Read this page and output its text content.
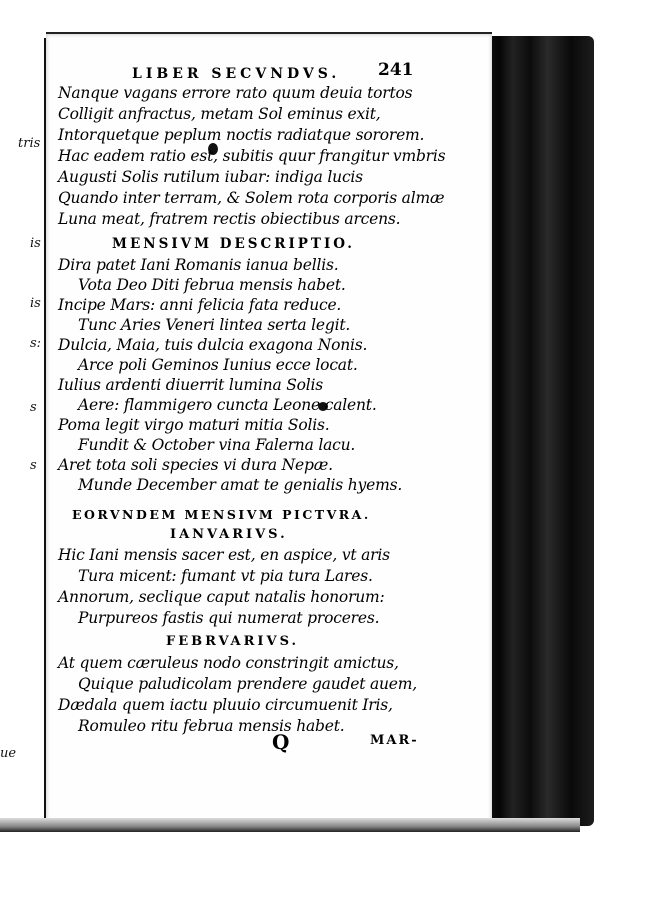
tris
is
is
s:
s
s
ue
LIBER SECVNDVS. 241
Nanque vagans errore rato quum deuia tortos
Colligit anfractus, metam Sol eminus exit,
Intorquetque peplum noctis radiatque sororem.
Hac eadem ratio est, subitis quur frangitur vmbris
Augusti Solis rutilum iubar: indiga lucis
Quando inter terram, & Solem rota corporis almæ
Luna meat, fratrem rectis obiectibus arcens.
MENSIVM DESCRIPTIO.
Dira patet Iani Romanis ianua bellis.
Vota Deo Diti februa mensis habet.
Incipe Mars: anni felicia fata reduce.
Tunc Aries Veneri lintea serta legit.
Dulcia, Maia, tuis dulcia exagona Nonis.
Arce poli Geminos Iunius ecce locat.
Iulius ardenti diuerrit lumina Solis
Aere: flammigero cuncta Leone calent.
Poma legit virgo maturi mitia Solis.
Fundit & October vina Falerna lacu.
Aret tota soli species vi dura Nepæ.
Munde December amat te genialis hyems.
EORVNDEM MENSIVM PICTVRA.
IANVARIVS.
Hic Iani mensis sacer est, en aspice, vt aris
Tura micent: fumant vt pia tura Lares.
Annorum, seclique caput natalis honorum:
Purpureos fastis qui numerat proceres.
FEBRVARIVS.
At quem cæruleus nodo constringit amictus,
Quique paludicolam prendere gaudet auem,
Dædala quem iactu pluuio circumuenit Iris,
Romuleo ritu februa mensis habet.
Q	MAR-
